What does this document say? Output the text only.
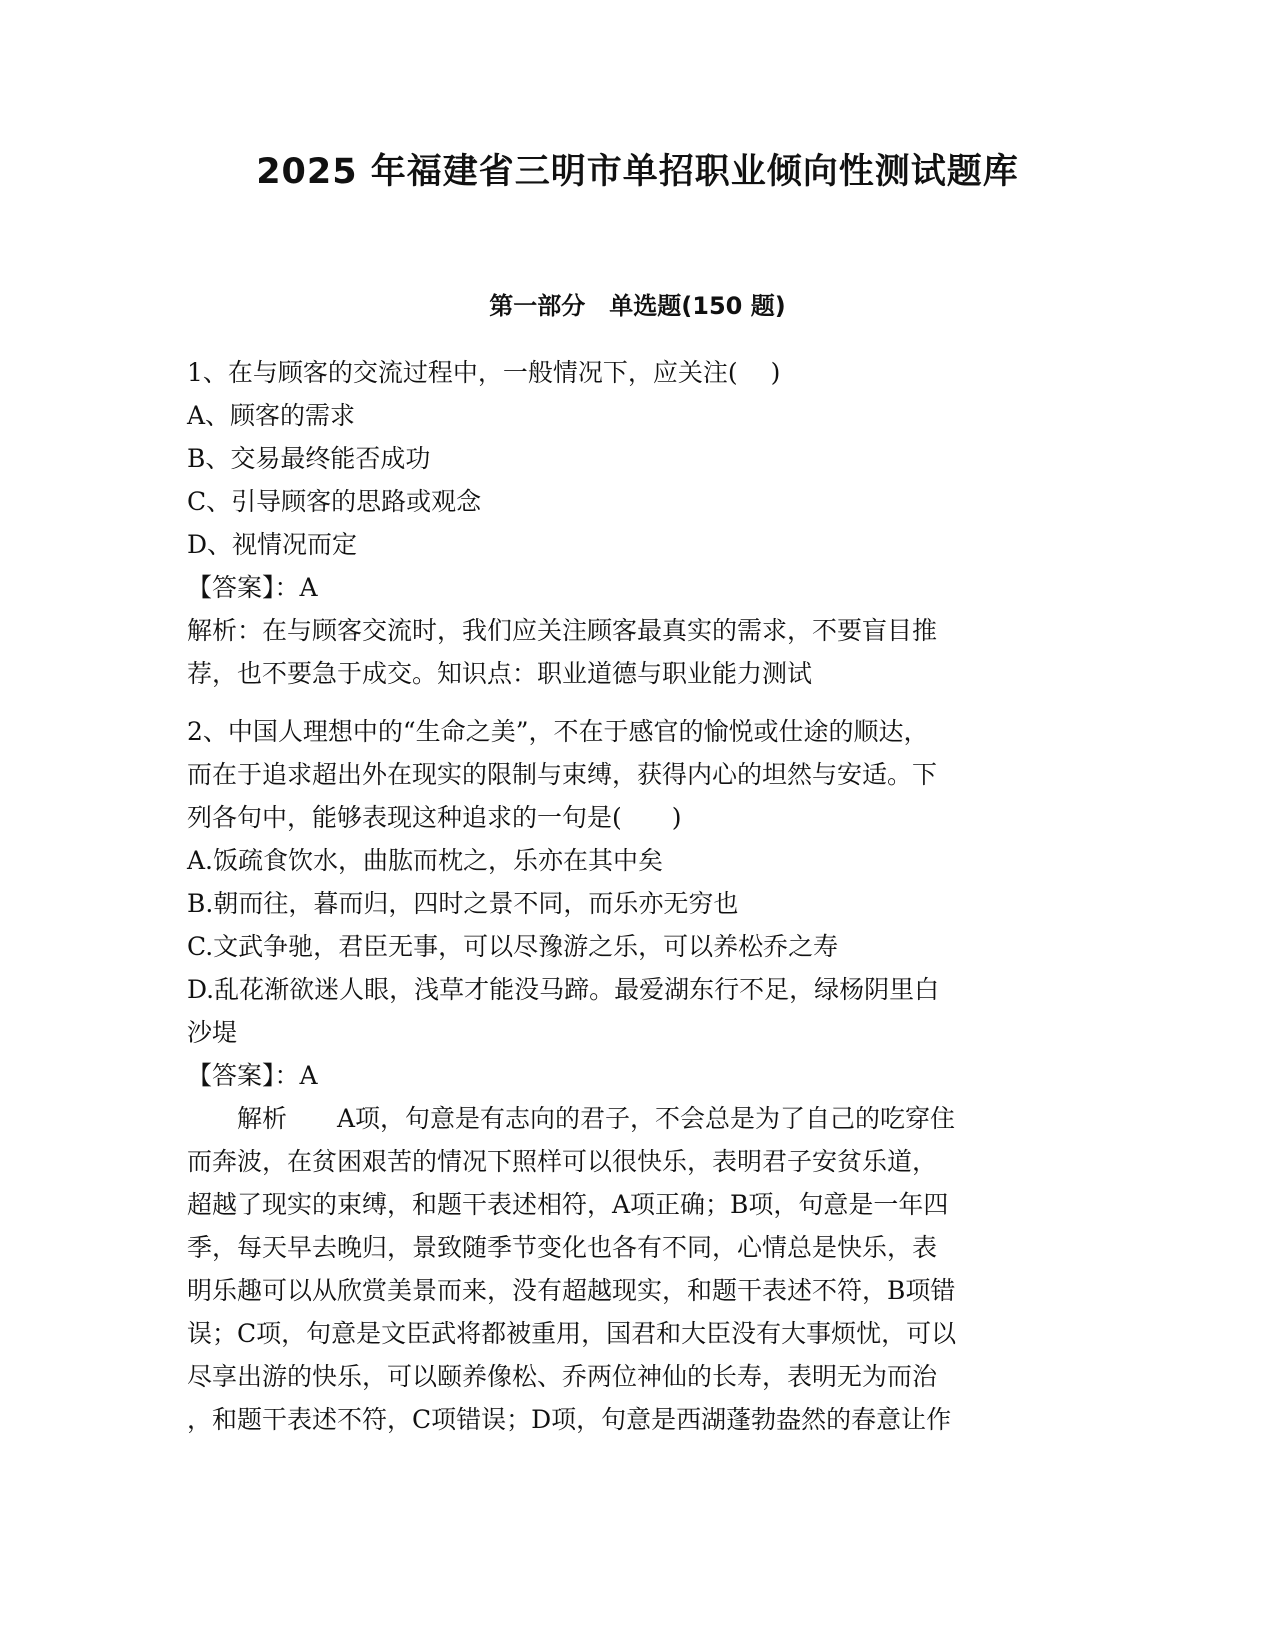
2025 年福建省三明市单招职业倾向性测试题库
第一部分　单选题(150 题)
1、在与顾客的交流过程中，一般情况下，应关注(　 )
A、顾客的需求
B、交易最终能否成功
C、引导顾客的思路或观念
D、视情况而定
【答案】：A
解析：在与顾客交流时，我们应关注顾客最真实的需求，不要盲目推
荐，也不要急于成交。知识点：职业道德与职业能力测试
2、中国人理想中的“生命之美”，不在于感官的愉悦或仕途的顺达，
而在于追求超出外在现实的限制与束缚，获得内心的坦然与安适。下
列各句中，能够表现这种追求的一句是(　　)
A.饭疏食饮水，曲肱而枕之，乐亦在其中矣
B.朝而往，暮而归，四时之景不同，而乐亦无穷也
C.文武争驰，君臣无事，可以尽豫游之乐，可以养松乔之寿
D.乱花渐欲迷人眼，浅草才能没马蹄。最爱湖东行不足，绿杨阴里白
沙堤
【答案】：A
　　解析　　A项，句意是有志向的君子，不会总是为了自己的吃穿住
而奔波，在贫困艰苦的情况下照样可以很快乐，表明君子安贫乐道，
超越了现实的束缚，和题干表述相符，A项正确；B项，句意是一年四
季，每天早去晚归，景致随季节变化也各有不同，心情总是快乐，表
明乐趣可以从欣赏美景而来，没有超越现实，和题干表述不符，B项错
误；C项，句意是文臣武将都被重用，国君和大臣没有大事烦忧，可以
尽享出游的快乐，可以颐养像松、乔两位神仙的长寿，表明无为而治
，和题干表述不符，C项错误；D项，句意是西湖蓬勃盎然的春意让作
